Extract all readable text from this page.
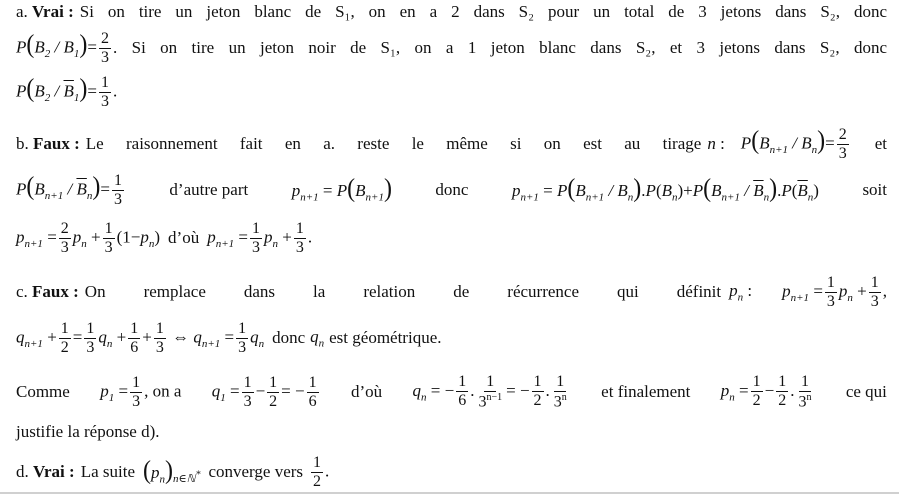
a. Vrai : Si on tire un jeton blanc de S₁, on en a 2 dans S₂ pour un total de 3 jetons dans S₂, donc
$P(B_2 / B_1)= \frac{2}{3}$ . Si on tire un jeton noir de S₁, on a 1 jeton blanc dans S₂, et 3 jetons dans S₂, donc
$P(B_2 / \overline{B}_1)= \frac{1}{3}$ .
b. Faux : Le raisonnement fait en a. reste le même si on est au tirage n : $P(B_{n+1} / B_n)= \frac{2}{3}$ et
$P(B_{n+1} / \overline{B}_n)= \frac{1}{3}$	d’autre part	$p_{n+1} = P(B_{n+1})$	donc	$p_{n+1} = P(B_{n+1} / B_n).P(B_n)+P(B_{n+1} / \overline{B}_n).P(\overline{B}_n)$	soit
$p_{n+1} = \frac{2}{3} p_n + \frac{1}{3} (1-p_n)$ d’où $p_{n+1} = \frac{1}{3} p_n + \frac{1}{3}$ .
c. Faux : On remplace dans la relation de récurrence qui définit $p_n$ : $p_{n+1} = \frac{1}{3} p_n + \frac{1}{3}$ ,
$q_{n+1} + \frac{1}{2} = \frac{1}{3} q_n + \frac{1}{6} + \frac{1}{3}$ ⇔ $q_{n+1} = \frac{1}{3} q_n$ donc $q_n$ est géométrique.
Comme $p_1 = \frac{1}{3}$ , on a $q_1 = \frac{1}{3} - \frac{1}{2}$ = − $\frac{1}{6}$ d’où $q_n$ = − $\frac{1}{6}$ . $\frac{1}{3^{n-1}}$ = − $\frac{1}{2}$ . $\frac{1}{3^n}$ et finalement $p_n = \frac{1}{2} - \frac{1}{2}$ . $\frac{1}{3^n}$ ce qui
justifie la réponse d).
d. Vrai : La suite $(p_n)_{n\in ℕ^*}$ converge vers $\frac{1}{2}$ .
